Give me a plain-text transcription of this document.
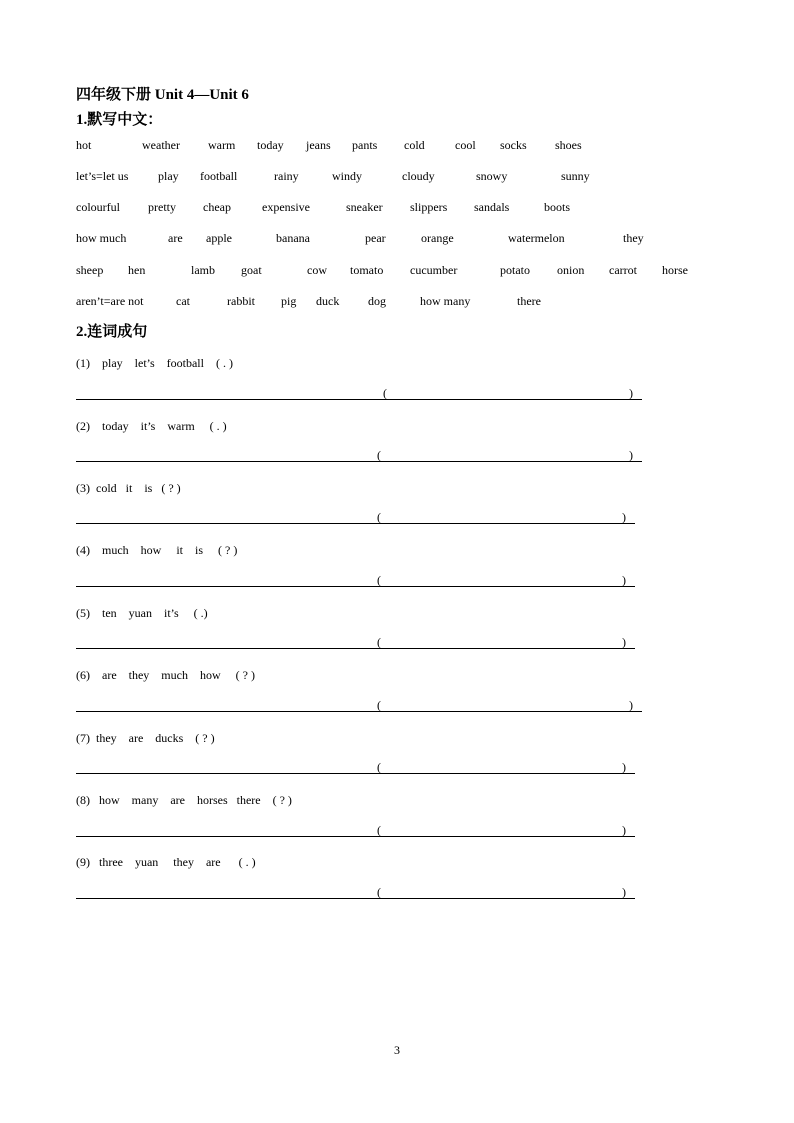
四年级下册 Unit 4—Unit 6
1.默写中文：
hot	weather warm today jeans pants cold	cool socks shoes
let’s=let us play football	rainy	windy	cloudy	snowy	sunny
colourful pretty cheap	expensive	sneaker slippers sandals	boots
how much	are apple	banana	pear	orange	watermelon	they
sheep hen	lamb goat	cow tomato cucumber	potato onion carrot horse
aren’t=are not	cat	rabbit pig duck dog	how many	there
2.连词成句
(1)    play    let’s    football    ( . )
(	)
(2)    today    it’s    warm     ( . )
(	)
(3)  cold   it    is   ( ? )
(	)
(4)    much    how     it    is     ( ? )
(	)
(5)    ten    yuan    it’s     ( .)
(	)
(6)    are    they    much    how     ( ? )
(	)
(7)  they    are    ducks    ( ? )
(	)
(8)   how    many    are    horses   there    ( ? )
(	)
(9)   three    yuan     they    are      ( . )
(	)
3
